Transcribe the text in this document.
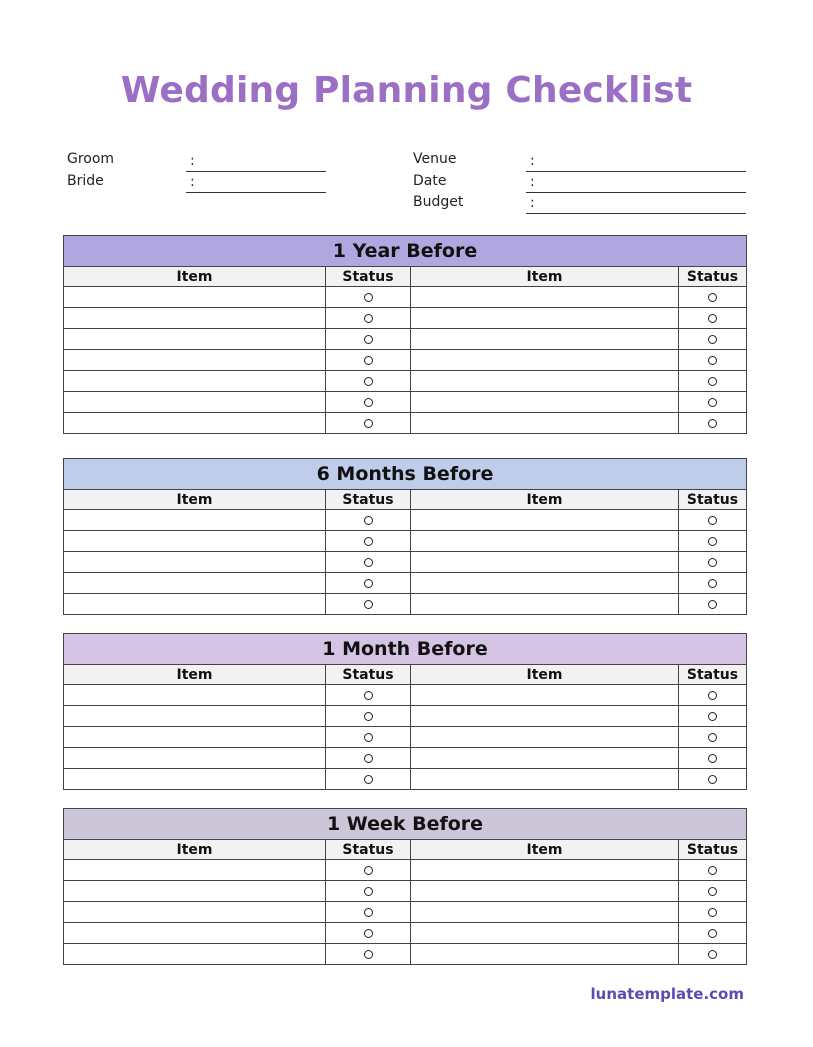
Wedding Planning Checklist
Groom	:
Bride	:
Venue	:
Date	:
Budget	:
1 Year Before			
Item	Status	Item	Status

6 Months Before			
Item	Status	Item	Status

1 Month Before			
Item	Status	Item	Status

1 Week Before			
Item	Status	Item	Status

lunatemplate.com
